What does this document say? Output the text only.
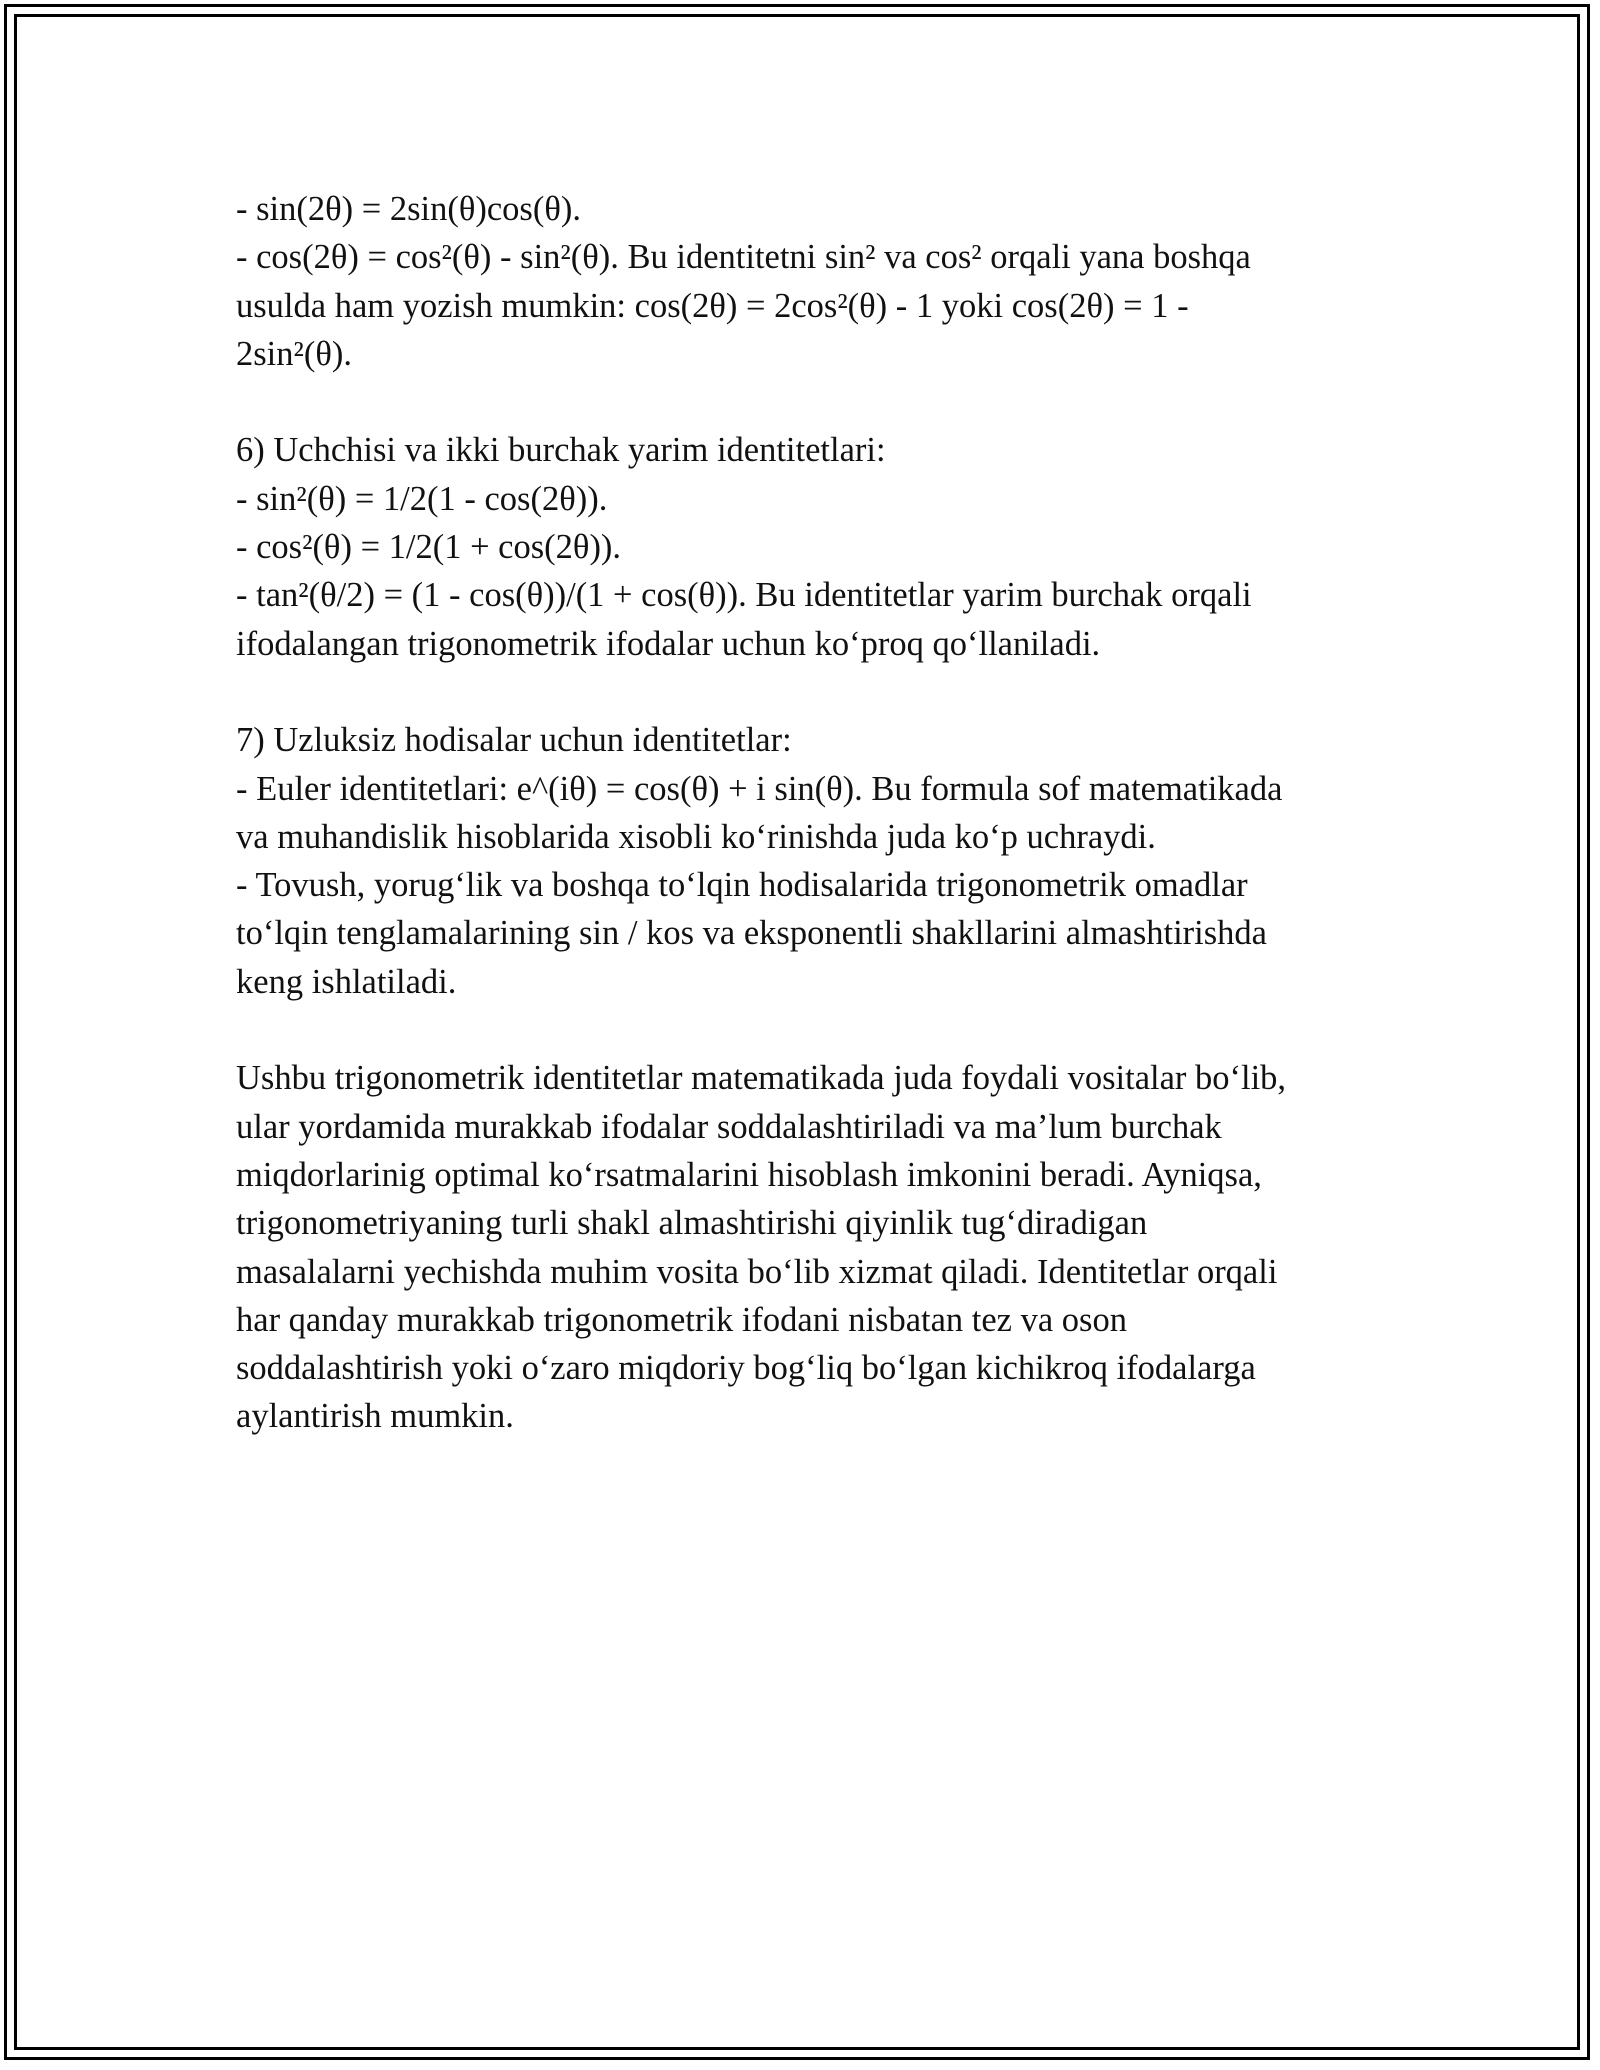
- sin(2θ) = 2sin(θ)cos(θ).
- cos(2θ) = cos²(θ) - sin²(θ). Bu identitetni sin² va cos² orqali yana boshqa
usulda ham yozish mumkin: cos(2θ) = 2cos²(θ) - 1 yoki cos(2θ) = 1 -
2sin²(θ).
6) Uchchisi va ikki burchak yarim identitetlari:
- sin²(θ) = 1/2(1 - cos(2θ)).
- cos²(θ) = 1/2(1 + cos(2θ)).
- tan²(θ/2) = (1 - cos(θ))/(1 + cos(θ)). Bu identitetlar yarim burchak orqali
ifodalangan trigonometrik ifodalar uchun ko‘proq qo‘llaniladi.
7) Uzluksiz hodisalar uchun identitetlar:
- Euler identitetlari: e^(iθ) = cos(θ) + i sin(θ). Bu formula sof matematikada
va muhandislik hisoblarida xisobli ko‘rinishda juda ko‘p uchraydi.
- Tovush, yorug‘lik va boshqa to‘lqin hodisalarida trigonometrik omadlar
to‘lqin tenglamalarining sin / kos va eksponentli shakllarini almashtirishda
keng ishlatiladi.
Ushbu trigonometrik identitetlar matematikada juda foydali vositalar bo‘lib,
ular yordamida murakkab ifodalar soddalashtiriladi va ma’lum burchak
miqdorlarinig optimal ko‘rsatmalarini hisoblash imkonini beradi. Ayniqsa,
trigonometriyaning turli shakl almashtirishi qiyinlik tug‘diradigan
masalalarni yechishda muhim vosita bo‘lib xizmat qiladi. Identitetlar orqali
har qanday murakkab trigonometrik ifodani nisbatan tez va oson
soddalashtirish yoki o‘zaro miqdoriy bog‘liq bo‘lgan kichikroq ifodalarga
aylantirish mumkin.
